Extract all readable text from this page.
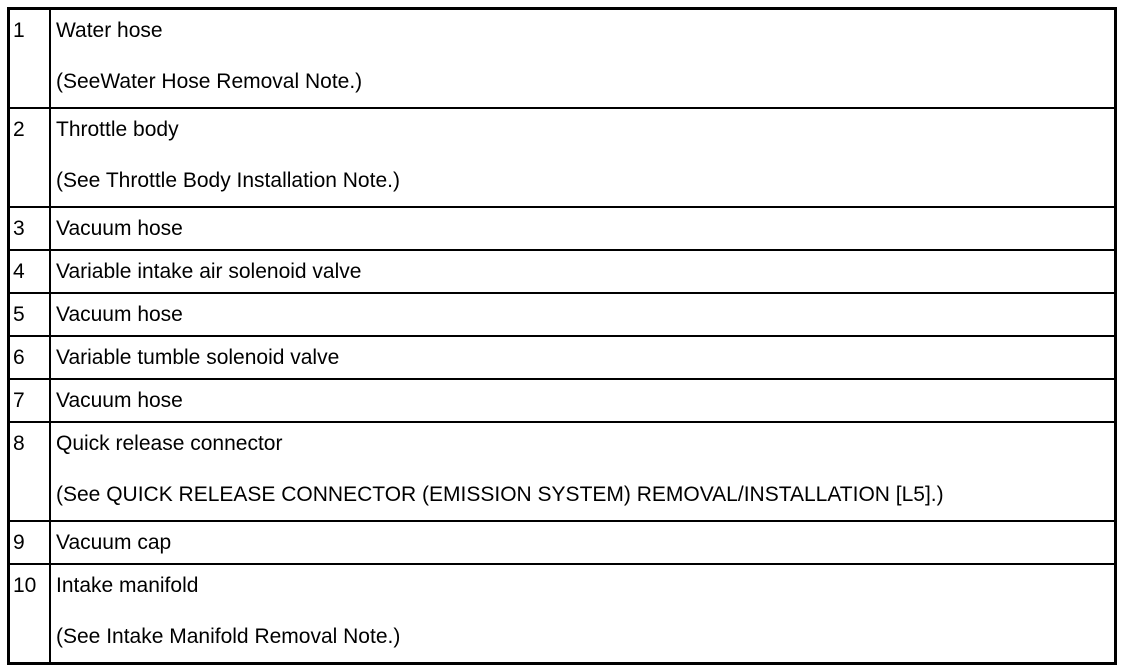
1	Water hose
(SeeWater Hose Removal Note.)

2	Throttle body
(See Throttle Body Installation Note.)

3	Vacuum hose

4	Variable intake air solenoid valve

5	Vacuum hose

6	Variable tumble solenoid valve

7	Vacuum hose

8	Quick release connector
(See QUICK RELEASE CONNECTOR (EMISSION SYSTEM) REMOVAL/INSTALLATION [L5].)

9	Vacuum cap

10	Intake manifold
(See Intake Manifold Removal Note.)
